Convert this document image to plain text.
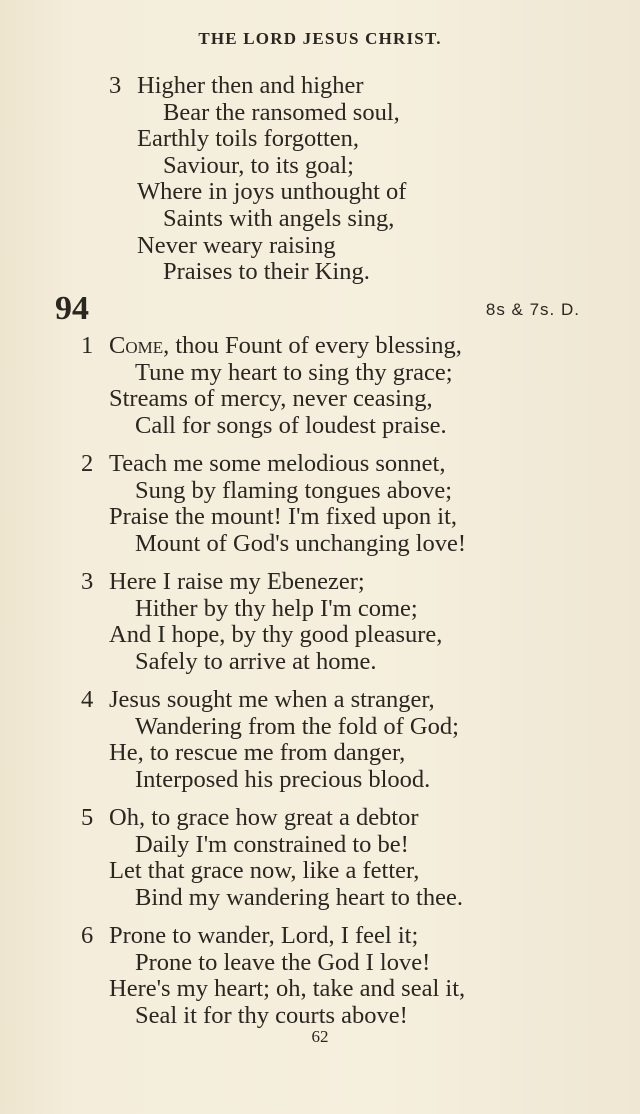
THE LORD JESUS CHRIST.
3 Higher then and higher
Bear the ransomed soul,
Earthly toils forgotten,
Saviour, to its goal;
Where in joys unthought of
Saints with angels sing,
Never weary raising
Praises to their King.
94	8s & 7s. D.
1 Come, thou Fount of every blessing,
Tune my heart to sing thy grace;
Streams of mercy, never ceasing,
Call for songs of loudest praise.
2 Teach me some melodious sonnet,
Sung by flaming tongues above;
Praise the mount! I'm fixed upon it,
Mount of God's unchanging love!
3 Here I raise my Ebenezer;
Hither by thy help I'm come;
And I hope, by thy good pleasure,
Safely to arrive at home.
4 Jesus sought me when a stranger,
Wandering from the fold of God;
He, to rescue me from danger,
Interposed his precious blood.
5 Oh, to grace how great a debtor
Daily I'm constrained to be!
Let that grace now, like a fetter,
Bind my wandering heart to thee.
6 Prone to wander, Lord, I feel it;
Prone to leave the God I love!
Here's my heart; oh, take and seal it,
Seal it for thy courts above!
62
